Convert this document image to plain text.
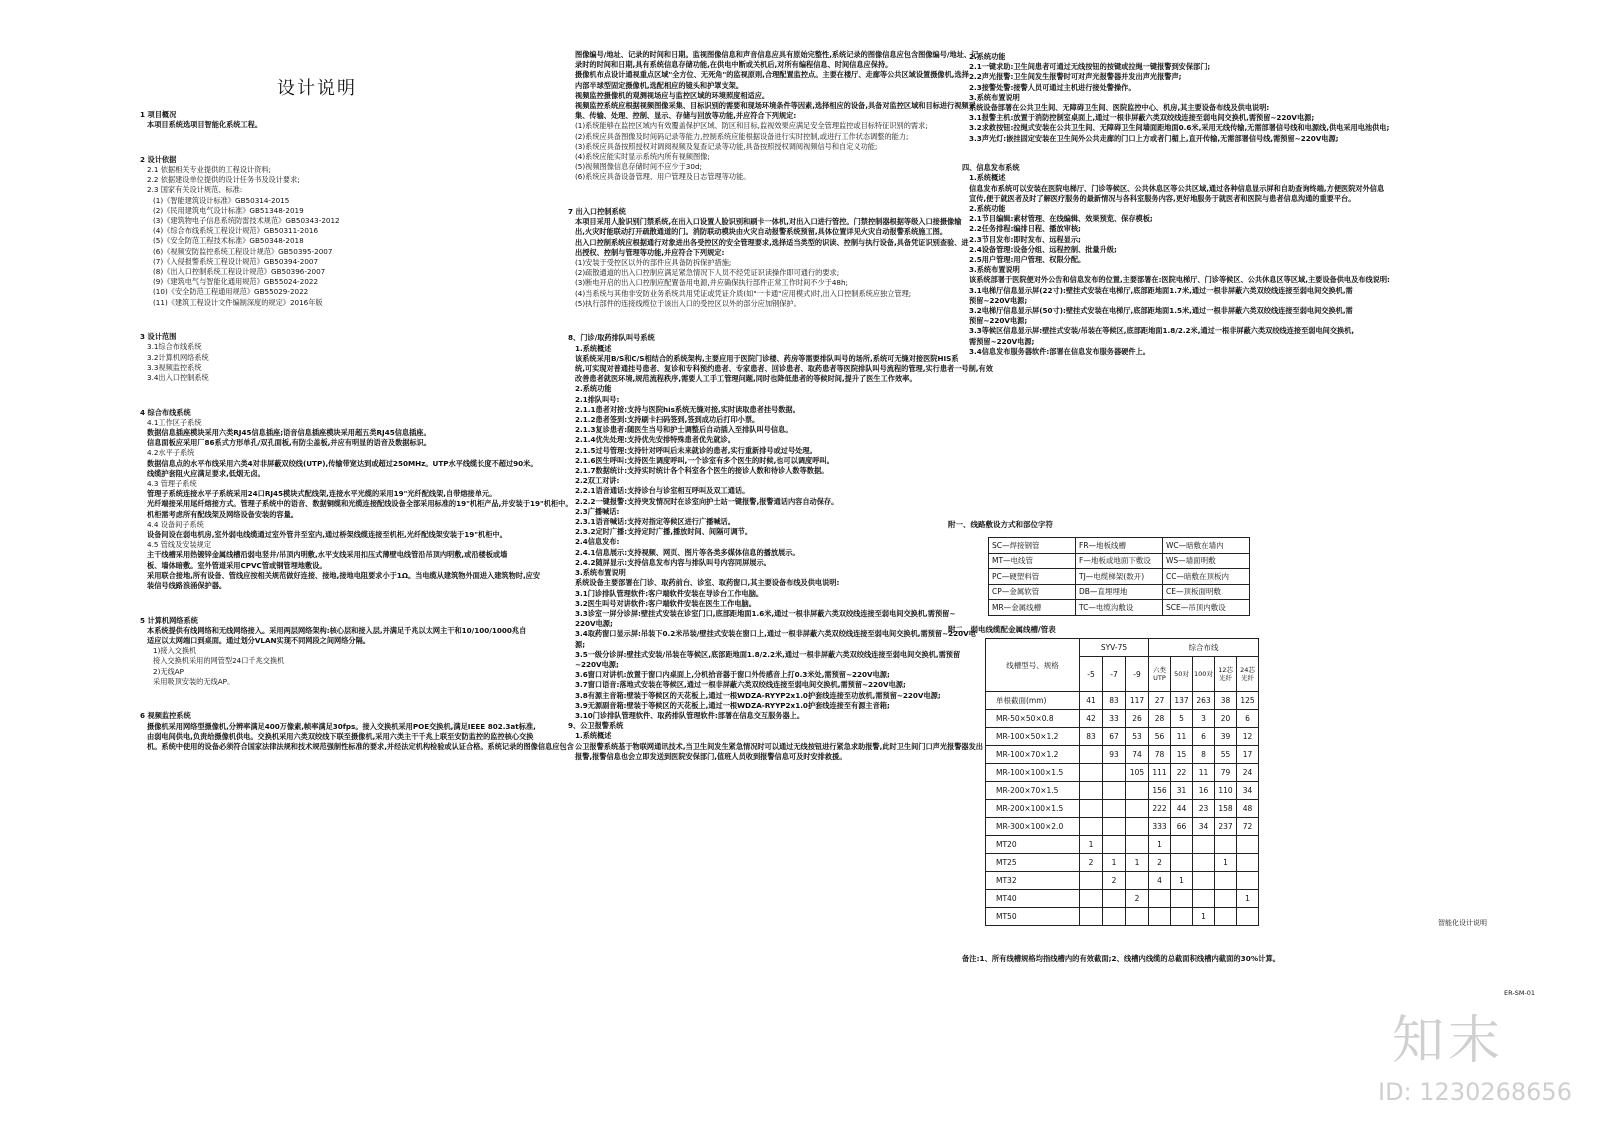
设计说明

1 项目概况

本项目系统选项目智能化系统工程。

2 设计依据

2.1 依据相关专业提供的工程设计资料;

2.2 依据建设单位提供的设计任务书及设计要求;

2.3 国家有关设计规范、标准:

(1)《智能建筑设计标准》GB50314-2015

(2)《民用建筑电气设计标准》GB51348-2019

(3)《建筑物电子信息系统防雷技术规范》GB50343-2012

(4)《综合布线系统工程设计规范》GB50311-2016

(5)《安全防范工程技术标准》GB50348-2018

(6)《视频安防监控系统工程设计规范》GB50395-2007

(7)《入侵报警系统工程设计规范》GB50394-2007

(8)《出入口控制系统工程设计规范》GB50396-2007

(9)《建筑电气与智能化通用规范》GB55024-2022

(10)《安全防范工程通用规范》GB55029-2022

(11)《建筑工程设计文件编制深度的规定》2016年版

3 设计范围

3.1综合布线系统

3.2计算机网络系统

3.3视频监控系统

3.4出入口控制系统

4 综合布线系统

4.1工作区子系统

数据信息插座模块采用六类RJ45信息插座;语音信息插座模块采用超五类RJ45信息插座。

信息面板应采用厂86系式方形单孔/双孔面板,有防尘盖板,并应有明显的语音及数据标识。

4.2水平子系统

数据信息点的水平布线采用六类4对非屏蔽双绞线(UTP),传输带宽达到或超过250MHz。UTP水平线缆长度不超过90米。

线缆护套阻火应满足要求,低烟无卤。

4.3 管理子系统

管理子系统连接水平子系统采用24口RJ45模块式配线架,连接水平光缆的采用19"光纤配线架,自带熔接单元。

光纤端接采用尾纤熔接方式。管理子系统中的语音、数据铜缆和光缆连接配线设备全部采用标准的19"机柜产品,并安装于19"机柜中。

机柜需考虑所有配线架及网络设备安装的容量。

4.4 设备间子系统

设备间设在弱电机房,室外弱电线缆通过室外管井至室内,通过桥架线缆连接至机柜,光纤配线架安装于19"机柜中。

4.5 管线及安装规定

主干线槽采用热镀锌金属线槽沿弱电竖井/吊顶内明敷,水平支线采用扣压式薄壁电线管沿吊顶内明敷,或沿楼板或墙

板、墙体暗敷。室外管道采用CPVC管或钢管埋地敷设。

采用联合接地,所有设备、管线应按相关规范做好连接、接地,接地电阻要求小于1Ω。当电缆从建筑物外面进入建筑物时,应安

装信号线路浪涌保护器。

5 计算机网络系统

本系统提供有线网络和无线网络接入。采用两层网络架构:核心层和接入层,并满足千兆以太网主干和10/100/1000兆自

适应以太网端口到桌面。通过划分VLAN实现不同网段之间网络分隔。

1)接入交换机

接入交换机采用的网管型24口千兆交换机

2)无线AP

采用吸顶安装的无线AP。

6 视频监控系统

摄像机采用网络型摄像机,分辨率满足400万像素,帧率满足30fps。接入交换机采用POE交换机,满足IEEE 802.3at标准,

由弱电间供电,负责给摄像机供电。交换机采用六类双绞线下联至摄像机,采用六类主干千兆上联至安防监控的监控核心交换

机。系统中使用的设备必须符合国家法律法规和技术规范强制性标准的要求,并经法定机构检验或认证合格。系统记录的图像信息应包含

图像编号/地址、记录的时间和日期。监视图像信息和声音信息应具有原始完整性,系统记录的图像信息应包含图像编号/地址、记

录时的时间和日期,具有系统信息存储功能,在供电中断或关机后,对所有编程信息、时间信息应保持。

摄像机布点设计通视重点区域"全方位、无死角"的监视原则,合理配置监控点。主要在楼厅、走廊等公共区域设置摄像机,选择

内部半球型固定摄像机,选配相应的镜头和护罩支架。

视频监控摄像机的观测视场应与监控区域的环境照度相适应。

视频监控系统应根据视频图像采集、目标识别的需要和现场环境条件等因素,选择相应的设备,具备对监控区域和目标进行视频采

集、传输、处理、控制、显示、存储与回放等功能,并应符合下列规定:

(1)系统能够在监控区域内有效覆盖保护区域、防区和目标,监视效果应满足安全管理监控或目标特征识别的需求;

(2)系统应具备图像及时间码记录等能力,控制系统应能根据设备进行实时控制,或进行工作状态调整的能力;

(3)系统应具备按照授权对调阅视频及复查记录等功能,具备按照授权调阅视频信号和自定义功能;

(4)系统应能实时显示系统内所有视频图像;

(5)视频图像信息存储时间不应少于30d;

(6)系统应具备设备管理、用户管理及日志管理等功能。

7 出入口控制系统

本项目采用人脸识别门禁系统,在出入口设置人脸识别和刷卡一体机,对出入口进行管控。门禁控制器根据等级入口接摄像输

出,火灾时能联动打开疏散通道的门。消防联动模块由火灾自动报警系统预留,具体位置详见火灾自动报警系统施工图。

出入口控制系统应根据通行对象进出各受控区的安全管理要求,选择适当类型的识读、控制与执行设备,具备凭证识别查验、进

出授权、控制与管理等功能,并应符合下列规定:

(1)安装于受控区以外的部件应具备防拆保护措施;

(2)疏散通道的出入口控制应满足紧急情况下人员不经凭证识读操作即可通行的要求;

(3)断电开启的出入口控制应配置备用电源,并应确保执行部件正常工作时间不少于48h;

(4)当系统与其他非安防业务系统共用凭证或凭证介质(如"一卡通"应用模式)时,出入口控制系统应独立管理;

(5)执行部件的连接线缆位于该出入口的受控区以外的部分应加钢保护。

8、门诊/取药排队叫号系统

1.系统概述

该系统采用B/S和C/S相结合的系统架构,主要应用于医院门诊楼、药房等需要排队叫号的场所,系统可无缝对接医院HIS系

统,可实现对普通挂号患者、复诊和专科预约患者、专家患者、回诊患者、取药患者等医院排队叫号流程的管理,实行患者一号制,有效

改善患者就医环境,规范流程秩序,需要人工手工管理问题,同时也降低患者的等候时间,提升了医生工作效率。

2.系统功能

2.1排队叫号:

2.1.1患者对接:支持与医院his系统无缝对接,实时读取患者挂号数据。

2.1.2患者签到:支持刷卡扫码签到,签到成功后打印小票。

2.1.3复诊患者:随医生当号和护士调整后自动插入至排队叫号信息。

2.1.4优先处理:支持优先安排特殊患者优先就诊。

2.1.5过号管理:支持针对呼叫后未来就诊的患者,实行重新排号或过号处理。

2.1.6医生呼叫:支持医生调度呼叫,一个诊室有多个医生的时候,也可以调度呼叫。

2.1.7数据统计:支持实时统计各个科室各个医生的接诊人数和待诊人数等数据。

2.2双工对讲:

2.2.1语音通话:支持诊台与诊室相互呼叫及双工通话。

2.2.2一键报警:支持突发情况时在诊室向护士站一键报警,报警通话内容自动保存。

2.3广播喊话:

2.3.1语音喊话:支持对指定等候区进行广播喊话。

2.3.2定时广播:支持定时广播,播放时间、间隔可调节。

2.4信息发布:

2.4.1信息展示:支持视频、网页、图片等各类多媒体信息的播放展示。

2.4.2随屏显示:支持信息发布内容与排队叫号内容同屏展示。

3.系统布置说明

系统设备主要部署在门诊、取药前台、诊室、取药窗口,其主要设备布线及供电说明:

3.1门诊排队管理软件:客户端软件安装在导诊台工作电脑。

3.2医生叫号对讲软件:客户端软件安装在医生工作电脑。

3.3诊室一屏分诊屏:壁挂式安装在诊室门口,底部距地面1.6米,通过一根非屏蔽六类双绞线连接至弱电间交换机,需预留~

220V电源;

3.4取药窗口显示屏:吊装下0.2米吊装/壁挂式安装在窗口上,通过一根非屏蔽六类双绞线连接至弱电间交换机,需预留~220V电

源;

3.5一级分诊屏:壁挂式安装/吊装在等候区,底部距地面1.8/2.2米,通过一根非屏蔽六类双绞线连接至弱电间交换机,需预留

~220V电源;

3.6窗口对讲机:放置于窗口内桌面上,分机拾音器于窗口外传感音上打0.3米处,需预留~220V电源;

3.7窗口语音:落地式安装在等候区,通过一根非屏蔽六类双绞线连接至弱电间交换机,需预留~220V电源;

3.8有源主音箱:壁装于等候区的天花板上,通过一根WDZA-RYYP2x1.0护套线连接至功放机,需预留~220V电源;

3.9无源副音箱:壁装于等候区的天花板上,通过一根WDZA-RYYP2x1.0护套线连接至有源主音箱;

3.10门诊排队管理软件、取药排队管理软件:部署在信息交互服务器上。

9、公卫报警系统

1.系统概述

公卫报警系统基于物联网通讯技术,当卫生间发生紧急情况时可以通过无线按钮进行紧急求助报警,此时卫生间门口声光报警器发出

报警,报警信息也会立即发送到医院安保部门,值班人员收到报警信息可及时安排救援。

2.系统功能

2.1一键求助:卫生间患者可通过无线按钮的按键或拉绳一键报警到安保部门;

2.2声光报警:卫生间发生报警时可对声光报警器并发出声光报警声;

2.3接警处警:接警人员可通过主机进行接处警操作。

3.系统布置说明

系统设备部署在公共卫生间、无障碍卫生间、医院监控中心、机房,其主要设备布线及供电说明:

3.1报警主机:放置于消防控制室桌面上,通过一根非屏蔽六类双绞线连接至弱电间交换机,需预留~220V电源;

3.2求救按钮:拉绳式安装在公共卫生间、无障碍卫生间墙面距地面0.6米,采用无线传输,无需部署信号线和电源线,供电采用电池供电;

3.3声光灯:嵌挂固定安装在卫生间外公共走廊的门口上方或者门楣上,直开传输,无需部署信号线,需预留~220V电源;

四、信息发布系统

1.系统概述

信息发布系统可以安装在医院电梯厅、门诊等候区、公共休息区等公共区域,通过各种信息显示屏和自助查询终端,方便医院对外信息

宣传,便于就医者及时了解医疗服务的最新情况与各科室服务内容,更好地服务于就医者和医院与患者信息沟通的重要平台。

2.系统功能

2.1节目编辑:素材管理、在线编辑、效果预览、保存模板;

2.2任务排程:编排日程、播放审核;

2.3节目发布:即时发布、远程显示;

2.4设备管理:设备分组、远程控制、批量升级;

2.5用户管理:用户管理、权限分配。

3.系统布置说明

该系统部署于医院便对外公告和信息发布的位置,主要部署在:医院电梯厅、门诊等候区、公共休息区等区域,主要设备供电及布线说明:

3.1电梯厅信息显示屏(22寸):壁挂式安装在电梯厅,底部距地面1.7米,通过一根非屏蔽六类双绞线连接至弱电间交换机,需

预留~220V电源;

3.2电梯厅信息显示屏(50寸):壁挂式安装在电梯厅,底部距地面1.5米,通过一根非屏蔽六类双绞线连接至弱电间交换机,需

预留~220V电源;

3.3等候区信息显示屏:壁挂式安装/吊装在等候区,底部距地面1.8/2.2米,通过一根非屏蔽六类双绞线连接至弱电间交换机,

需预留~220V电源;

3.4信息发布服务器软件:部署在信息发布服务器硬件上。

附一、线路敷设方式和部位字符
SC—焊接钢管	FR—地板线槽	WC—暗敷在墙内
MT—电线管	F—地板或地面下敷设	WS—墙面明敷
PC—硬塑料管	TJ—电缆梯架(数开)	CC—暗敷在顶板内
CP—金属软管	DB—直埋埋地	CE—顶板面明敷
MR—金属线槽	TC—电缆沟敷设	SCE—吊顶内敷设
附二、弱电线缆配金属线槽/管表
线槽型号、规格	SYV-75			综合布线				
	-5	-7	-9	六类UTP	50对	100对	12芯光纤	24芯光纤
单根截面(mm)	41	83	117	27	137	263	38	125
MR-50×50×0.8	42	33	26	28	5	3	20	6
MR-100×50×1.2	83	67	53	56	11	6	39	12
MR-100×70×1.2		93	74	78	15	8	55	17
MR-100×100×1.5			105	111	22	11	79	24
MR-200×70×1.5				156	31	16	110	34
MR-200×100×1.5				222	44	23	158	48
MR-300×100×2.0				333	66	34	237	72
MT20	1			1				
MT25	2	1	1	2			1	
MT32		2		4	1			
MT40			2					1
MT50						1		
备注:1、所有线槽规格均指线槽内的有效截面;2、线槽内线缆的总截面积线槽内截面的30%计算。
智能化设计说明
ER-SM-01
知末
ID: 1230268656
